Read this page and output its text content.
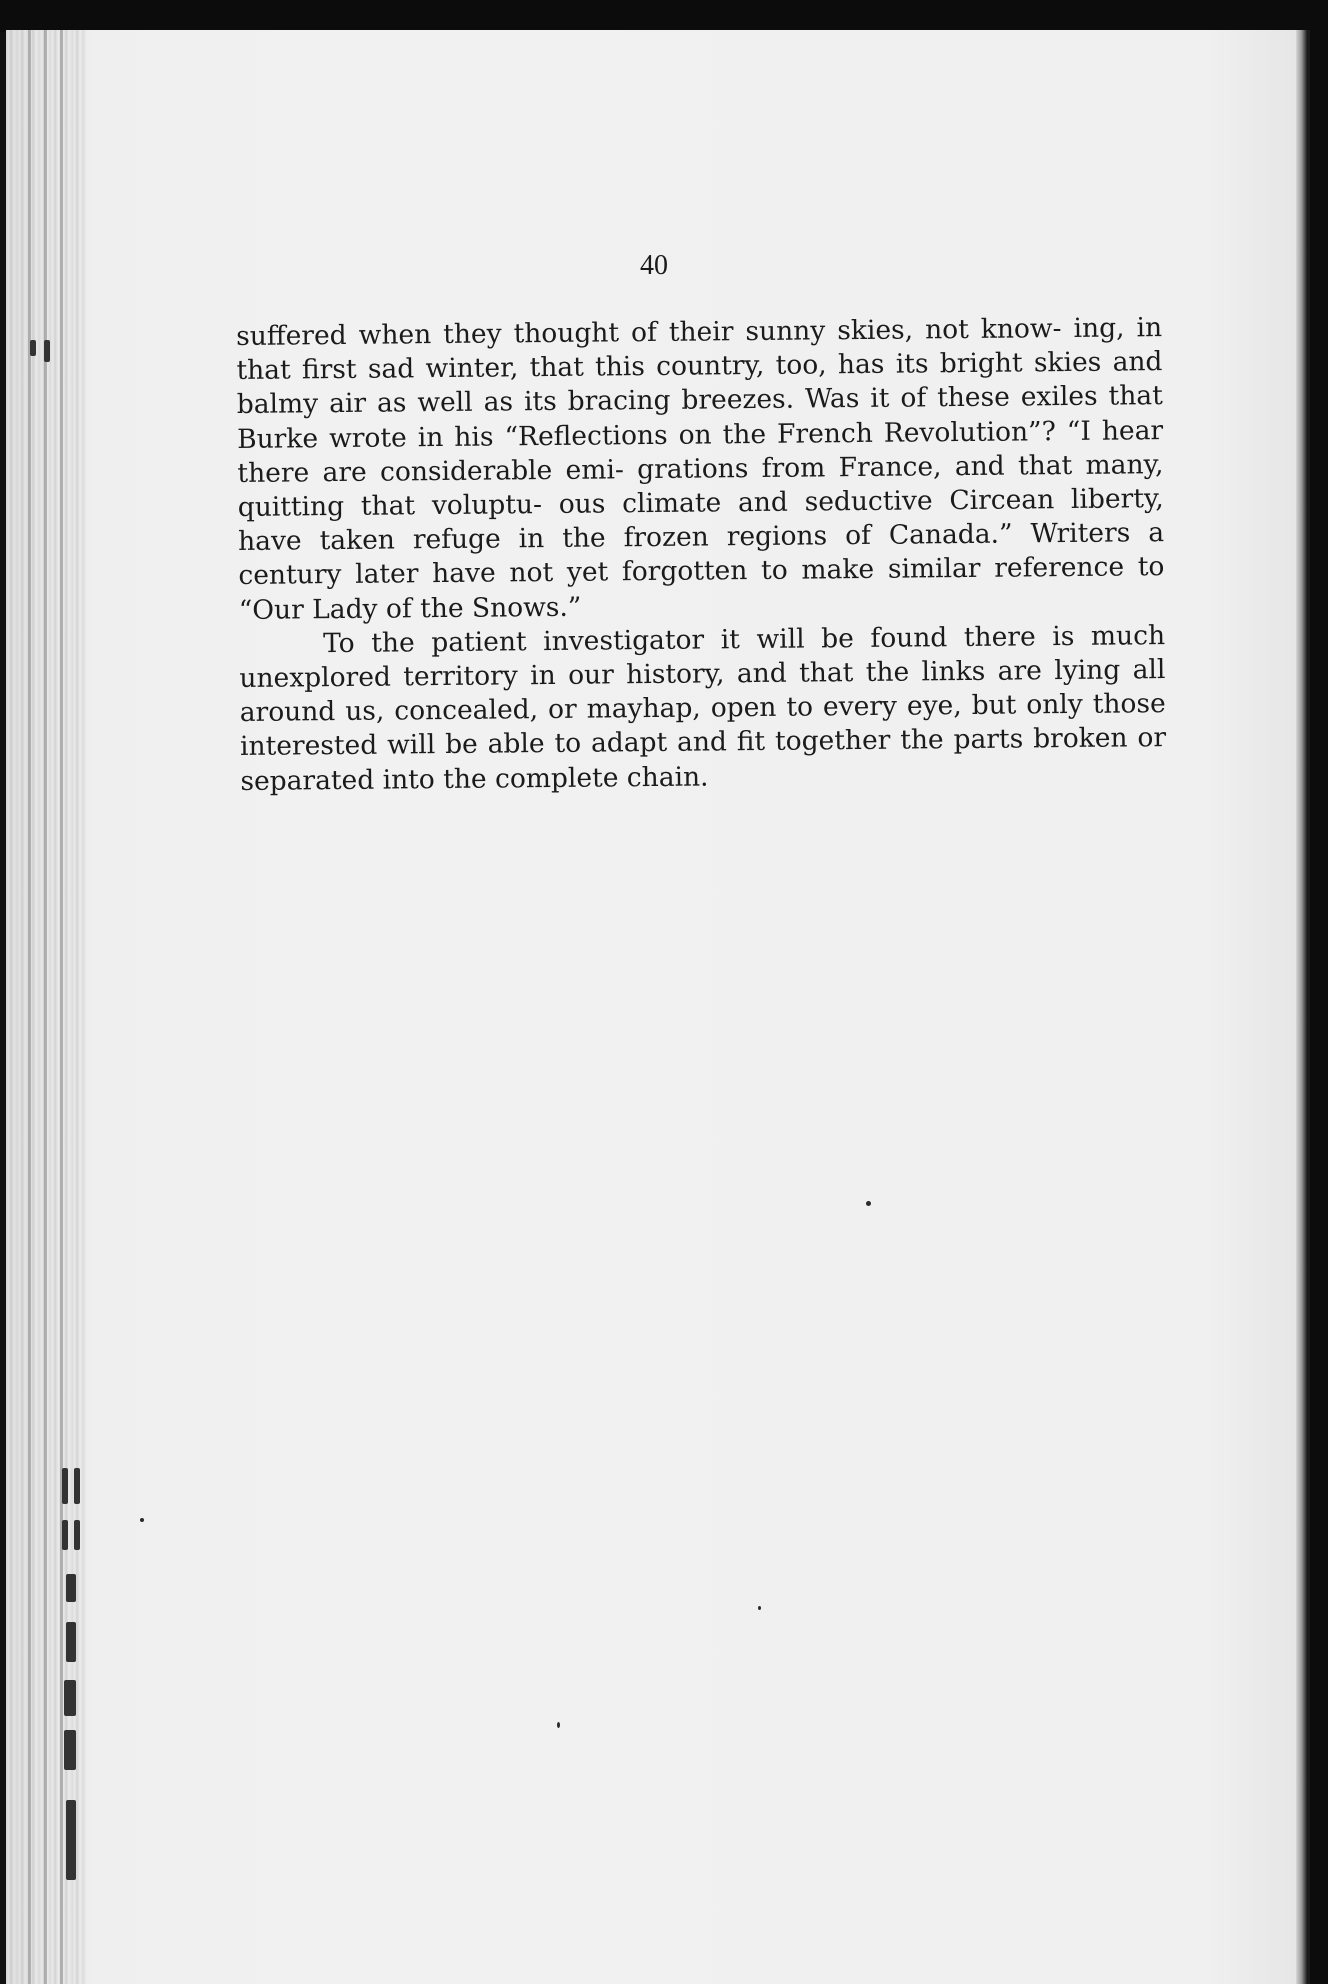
40

suffered when they thought of their sunny skies, not know- ing, in that first sad winter, that this country, too, has its bright skies and balmy air as well as its bracing breezes. Was it of these exiles that Burke wrote in his “Reflections on the French Revolution”? “I hear there are considerable emi- grations from France, and that many, quitting that voluptu- ous climate and seductive Circean liberty, have taken refuge in the frozen regions of Canada.” Writers a century later have not yet forgotten to make similar reference to “Our Lady of the Snows.”

To the patient investigator it will be found there is much unexplored territory in our history, and that the links are lying all around us, concealed, or mayhap, open to every eye, but only those interested will be able to adapt and fit together the parts broken or separated into the complete chain.
